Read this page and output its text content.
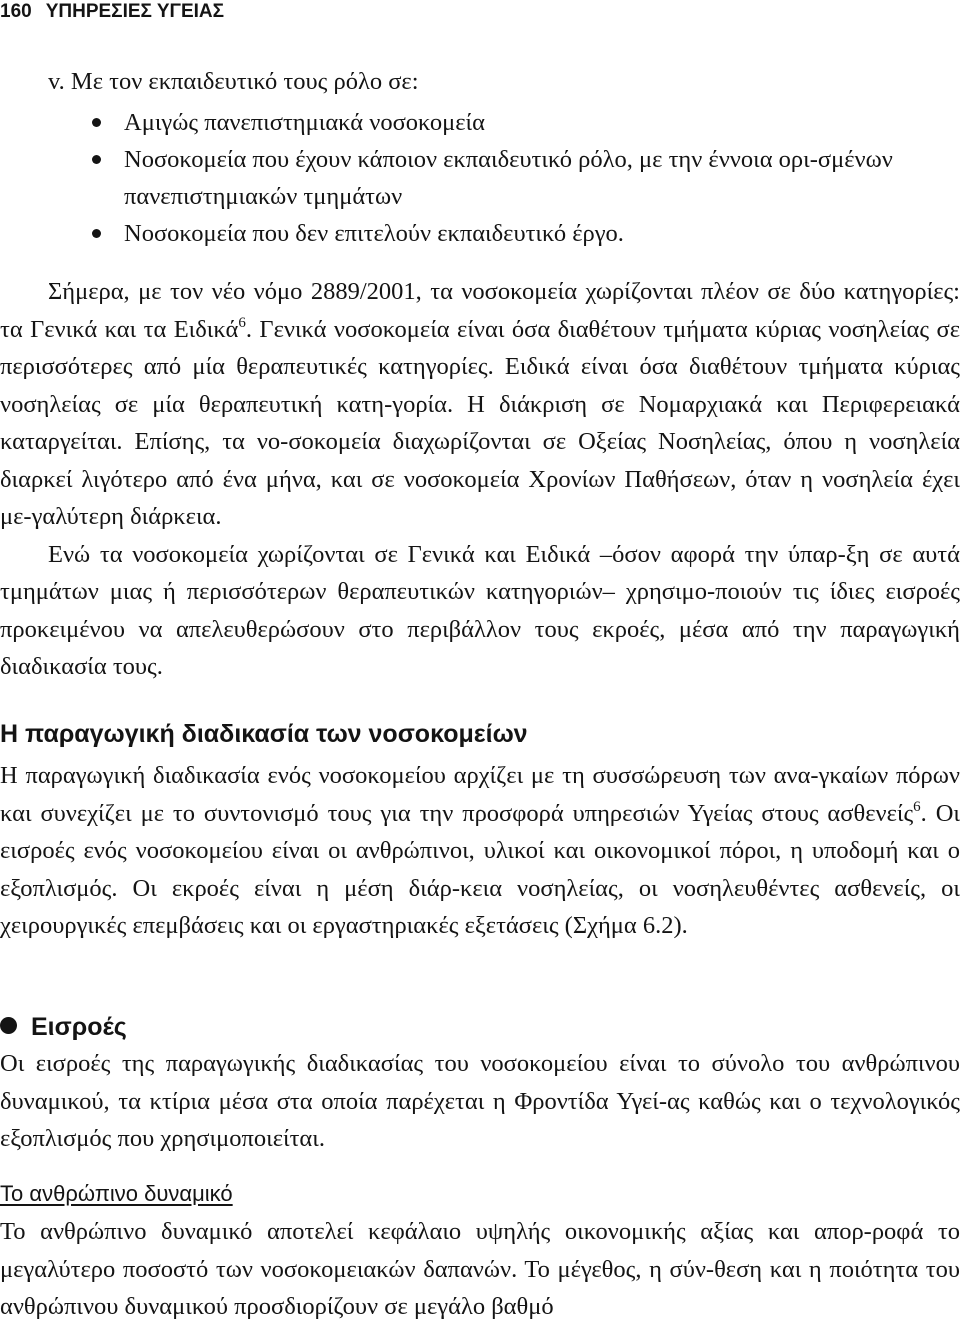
160 ΥΠΗΡΕΣΙΕΣ ΥΓΕΙΑΣ
v. Με τον εκπαιδευτικό τους ρόλο σε:
Αμιγώς πανεπιστημιακά νοσοκομεία
Νοσοκομεία που έχουν κάποιον εκπαιδευτικό ρόλο, με την έννοια ορι-σμένων πανεπιστημιακών τμημάτων
Νοσοκομεία που δεν επιτελούν εκπαιδευτικό έργο.

Σήμερα, με τον νέο νόμο 2889/2001, τα νοσοκομεία χωρίζονται πλέον σε δύο κατηγορίες: τα Γενικά και τα Ειδικά$^6$. Γενικά νοσοκομεία είναι όσα διαθέτουν τμήματα κύριας νοσηλείας σε περισσότερες από μία θεραπευτικές κατηγορίες. Ειδικά είναι όσα διαθέτουν τμήματα κύριας νοσηλείας σε μία θεραπευτική κατη-γορία. Η διάκριση σε Νομαρχιακά και Περιφερειακά καταργείται. Επίσης, τα νο-σοκομεία διαχωρίζονται σε Οξείας Νοσηλείας, όπου η νοσηλεία διαρκεί λιγότερο από ένα μήνα, και σε νοσοκομεία Χρονίων Παθήσεων, όταν η νοσηλεία έχει με-γαλύτερη διάρκεια.

Ενώ τα νοσοκομεία χωρίζονται σε Γενικά και Ειδικά –όσον αφορά την ύπαρ-ξη σε αυτά τμημάτων μιας ή περισσότερων θεραπευτικών κατηγοριών– χρησιμο-ποιούν τις ίδιες εισροές προκειμένου να απελευθερώσουν στο περιβάλλον τους εκροές, μέσα από την παραγωγική διαδικασία τους.

Η παραγωγική διαδικασία των νοσοκομείων

Η παραγωγική διαδικασία ενός νοσοκομείου αρχίζει με τη συσσώρευση των ανα-γκαίων πόρων και συνεχίζει με το συντονισμό τους για την προσφορά υπηρεσιών Υγείας στους ασθενείς$^6$. Οι εισροές ενός νοσοκομείου είναι οι ανθρώπινοι, υλικοί και οικονομικοί πόροι, η υποδομή και ο εξοπλισμός. Οι εκροές είναι η μέση διάρ-κεια νοσηλείας, οι νοσηλευθέντες ασθενείς, οι χειρουργικές επεμβάσεις και οι εργαστηριακές εξετάσεις (Σχήμα 6.2).

Εισροές

Οι εισροές της παραγωγικής διαδικασίας του νοσοκομείου είναι το σύνολο του ανθρώπινου δυναμικού, τα κτίρια μέσα στα οποία παρέχεται η Φροντίδα Υγεί-ας καθώς και ο τεχνολογικός εξοπλισμός που χρησιμοποιείται.

Το ανθρώπινο δυναμικό

Το ανθρώπινο δυναμικό αποτελεί κεφάλαιο υψηλής οικονομικής αξίας και απορ-ροφά το μεγαλύτερο ποσοστό των νοσοκομειακών δαπανών. Το μέγεθος, η σύν-θεση και η ποιότητα του ανθρώπινου δυναμικού προσδιορίζουν σε μεγάλο βαθμό
